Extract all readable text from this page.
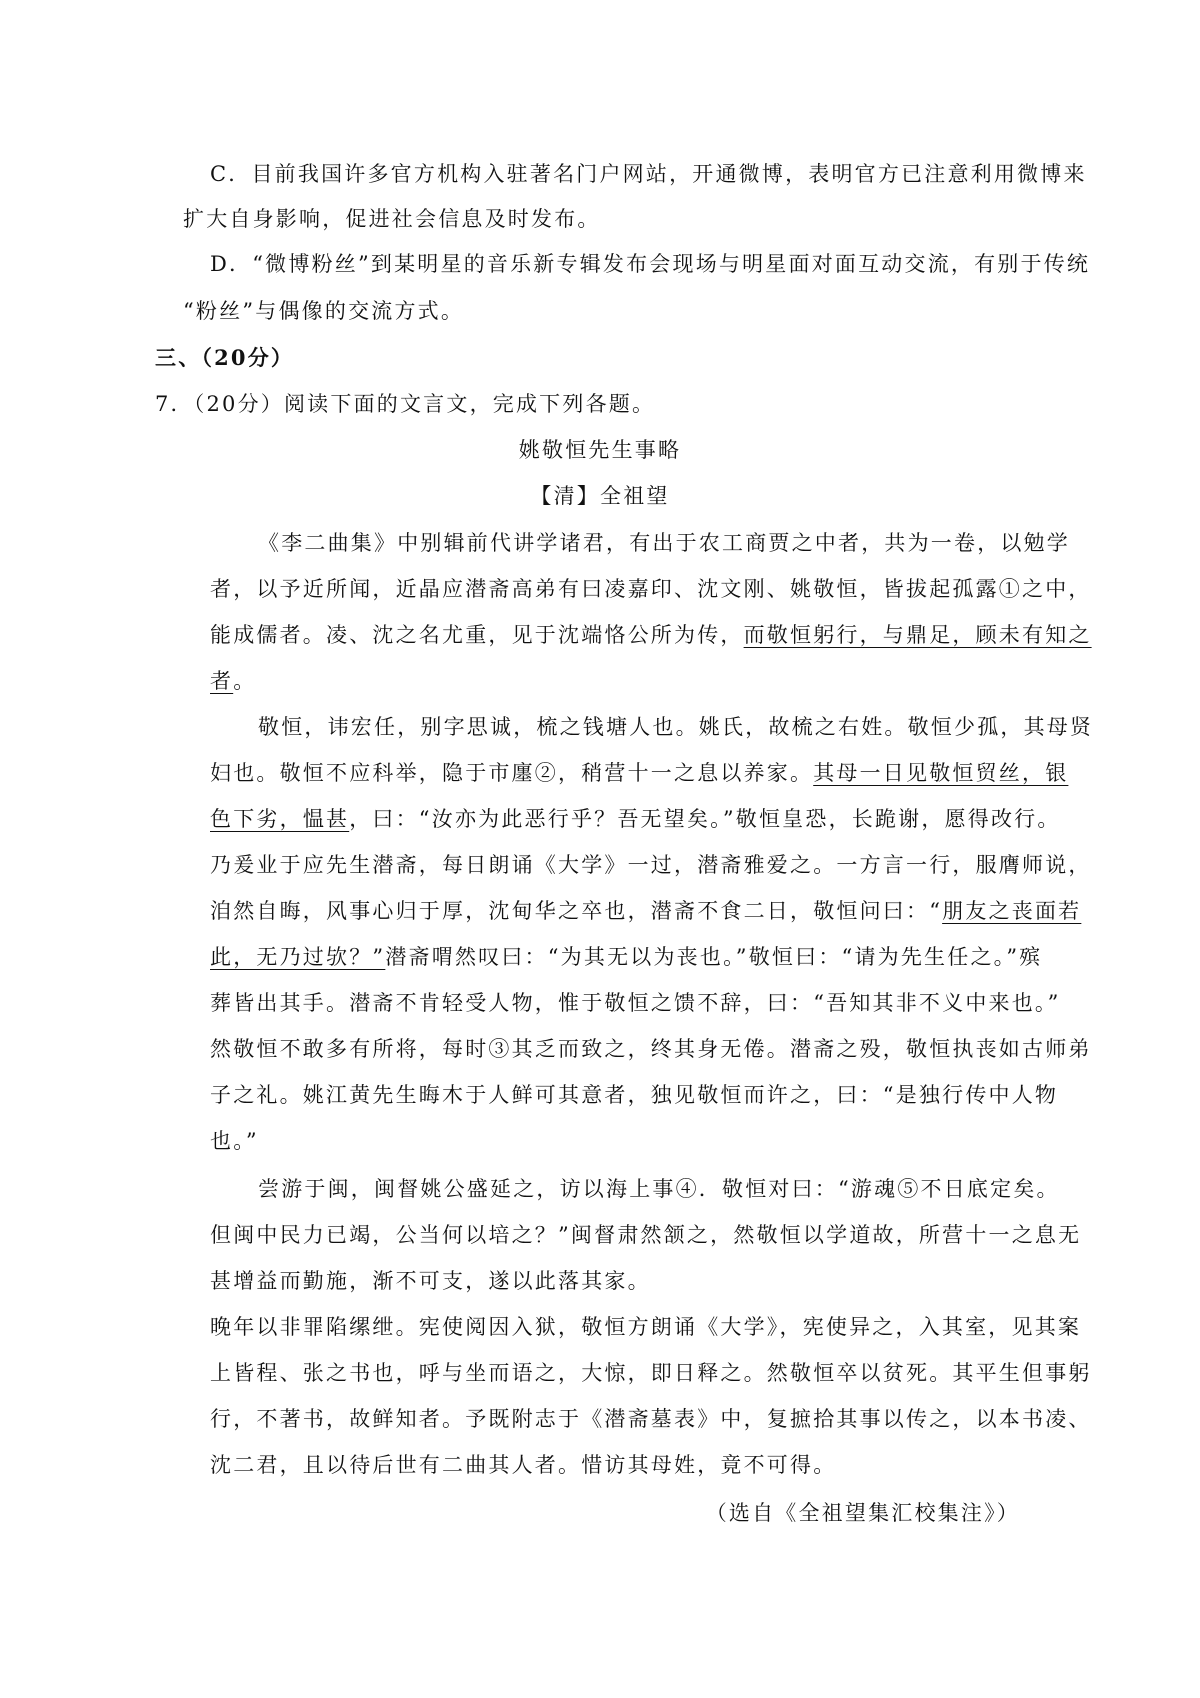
C．目前我国许多官方机构入驻著名门户网站，开通微博，表明官方已注意利用微博来
扩大自身影响，促进社会信息及时发布。
D．“微博粉丝”到某明星的音乐新专辑发布会现场与明星面对面互动交流，有别于传统
“粉丝”与偶像的交流方式。
三、（20分）
7．（20分）阅读下面的文言文，完成下列各题。
姚敬恒先生事略
【清】全祖望
《李二曲集》中别辑前代讲学诸君，有出于农工商贾之中者，共为一卷，以勉学
者，以予近所闻，近晶应潜斋高弟有曰凌嘉印、沈文刚、姚敬恒，皆拔起孤露①之中，
能成儒者。凌、沈之名尤重，见于沈端恪公所为传，而敬恒躬行，与鼎足，顾未有知之
者。
敬恒，讳宏任，别字思诚，梳之钱塘人也。姚氏，故梳之右姓。敬恒少孤，其母贤
妇也。敬恒不应科举，隐于市廛②，稍营十一之息以养家。其母一日见敬恒贸丝，银
色下劣，愠甚，曰：“汝亦为此恶行乎？吾无望矣。”敬恒皇恐，长跪谢，愿得改行。
乃爰业于应先生潜斋，每日朗诵《大学》一过，潜斋雅爱之。一方言一行，服膺师说，
洎然自晦，风事心归于厚，沈甸华之卒也，潜斋不食二日，敬恒问曰：“朋友之丧面若
此，无乃过欤？”潜斋喟然叹曰：“为其无以为丧也。”敬恒曰：“请为先生任之。”殡
葬皆出其手。潜斋不肯轻受人物，惟于敬恒之馈不辞，曰：“吾知其非不义中来也。”
然敬恒不敢多有所将，每时③其乏而致之，终其身无倦。潜斋之殁，敬恒执丧如古师弟
子之礼。姚江黄先生晦木于人鲜可其意者，独见敬恒而许之，曰：“是独行传中人物
也。”
尝游于闽，闽督姚公盛延之，访以海上事④．敬恒对曰：“游魂⑤不日底定矣。
但闽中民力已竭，公当何以培之？”闽督肃然颔之，然敬恒以学道故，所营十一之息无
甚增益而勤施，渐不可支，遂以此落其家。
晚年以非罪陷缧绁。宪使阅因入狱，敬恒方朗诵《大学》，宪使异之，入其室，见其案
上皆程、张之书也，呼与坐而语之，大惊，即日释之。然敬恒卒以贫死。其平生但事躬
行，不著书，故鲜知者。予既附志于《潜斋墓表》中，复摭拾其事以传之，以本书凌、
沈二君，且以待后世有二曲其人者。惜访其母姓，竟不可得。
（选自《全祖望集汇校集注》）
